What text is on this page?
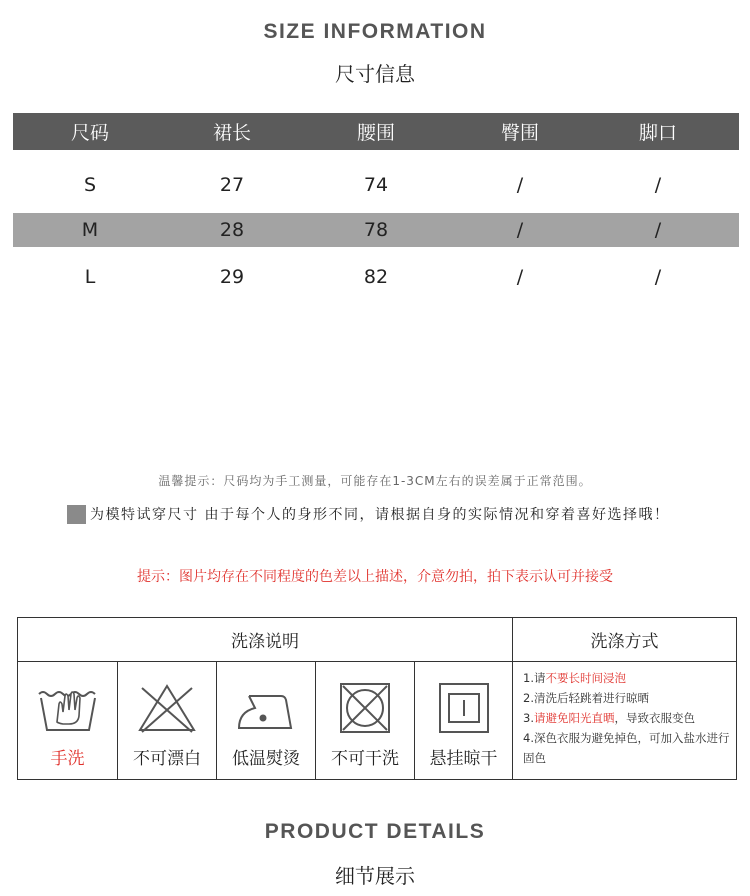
SIZE INFORMATION
尺寸信息
尺码	裙长	腰围	臀围	脚口
S	27	74	/	/
M	28	78	/	/
L	29	82	/	/
温馨提示：尺码均为手工测量，可能存在1-3CM左右的误差属于正常范围。
为模特试穿尺寸 由于每个人的身形不同，请根据自身的实际情况和穿着喜好选择哦！
提示：图片均存在不同程度的色差以上描述，介意勿拍，拍下表示认可并接受
洗涤说明	洗涤方式
手洗	不可漂白	低温熨烫	不可干洗	悬挂晾干
1.请不要长时间浸泡
2.清洗后轻跳着进行晾晒
3.请避免阳光直晒，导致衣服变色
4.深色衣服为避免掉色，可加入盐水进行固色
PRODUCT DETAILS
细节展示
